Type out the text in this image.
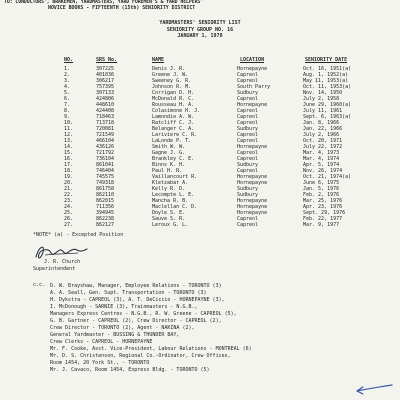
TO: CONDUCTORS', BRAKEMEN, YARDMASTERS, YARD FOREMEN'S & YARD HELPERS'
NOVICE BOOKS - FIFTEENTH (15th) SENIORITY DISTRICT
YARDMASTERS' SENIORITY LIST
SENIORITY GROUP NO. 16
JANUARY 1, 1978
NO.	SRS No.	NAME	LOCATION	SENIORITY DATE
1.	307225	Denis J. R.	Hornepayne	Oct. 16, 1951(a)
2.	401036	Greene J. W.	Capreol	Aug. 1, 1952(a)
3.	306217	Sweeney G. R.	Capreol	May 11, 1953(a)
4.	757395	Johnson R. M.	South Parry	Oct. 11, 1953(a)
5.	307133	Corrigan D. H.	Sudbury	Nov. 14, 1950
6.	424806	McDonald R. C.	Capreol	July 2, 1958
7.	448610	Rousseau H. A.	Hornepayne	June 29, 1960(a)
8.	424408	Colasimone H. J.	Capreol	July 11, 1961
9.	718463	Lamondie A. W.	Capreol	Sept. 6, 1963(a)
10.	713718	Ratcliff C. J.	Capreol	Jan. 8, 1966
11.	720081	Belanger C. A.	Sudbury	Jan. 22, 1966
12.	721549	Lariviere C. R.	Capreol	July 2, 1966
13.	466104	LaLonde P. T.	Capreol	Oct. 20, 1971
14.	436126	Smith W. W.	Hornepayne	July 22, 1972
15.	721792	Gagne J. G.	Capreol	Mar. 4, 1973
16.	736104	Brankley C. E.	Capreol	Mar. 4, 1974
17.	861041	Binns K. H.	Sudbury	Apr. 5, 1974
18.	746404	Paul H. R.	Capreol	Nov. 26, 1974
19.	745575	Vaillancourt R.	Hornepayne	Oct. 21, 1974(a)
20.	749318	Kletzabar A.	Hornepayne	June 6, 1975
21.	861758	Kelly R. D.	Sudbury	Jan. 5, 1976
22.	862110	Lecompte L. E.	Sudbury	Feb. 2, 1976
23.	862015	Mancha R. B.	Hornepayne	Mar. 25, 1976
24.	711356	Maclellan C. D.	Hornepayne	Apr. 23, 1976
25.	394945	Doyle S. E.	Hornepayne	Sept. 29, 1976
26.	862238	Sauve S. R.	Capreol	Feb. 22, 1977
27.	862127	Leroux G. L.	Capreol	Mar. 9, 1977
*NOTE* (a) - Excepted Position
J. R. Church
Superintendent
c.c. D. W. Brayshaw, Manager, Employee Relations - TORONTO (3)
A. A. Seall, Gen. Supt. Transportation - TORONTO (3)
H. Dykstra - CAPREOL (3), A. T. DeCiccio - HORNEPAYNE (3),
I. McDonough - SARNIE (3), Trainmasters - N.G.B.,
Managers Express Centres - N.G.B., R. W. Greene - CAPREOL (5),
G. B. Gartner - CAPREOL (2), Crew Director - CAPREOL (2),
Crew Director - TORONTO (2), Agent - NAKINA (2),
General Yardmaster - BUSSING & THUNDER BAY,
Crew Clerks - CAPREOL - HORNEPAYNE
Mr. F. Cooke, Asst. Vice-President, Labour Relations - MONTREAL (6)
Mr. D. S. Christenson, Regional Co.-Ordinator, Crew Offices,
Room 1454, 20 York St., - TORONTO
Mr. J. Cavaco, Room 1454, Express Bldg. - TORONTO (5)
